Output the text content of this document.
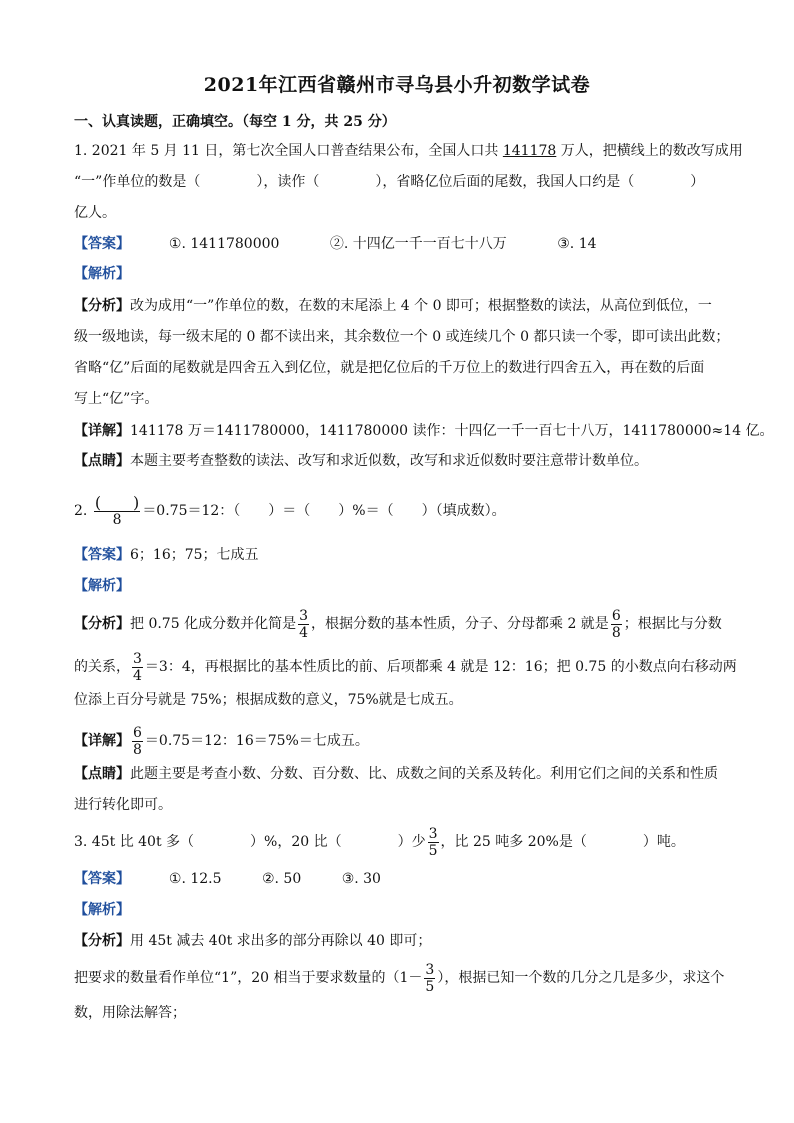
2021年江西省赣州市寻乌县小升初数学试卷
一、认真读题，正确填空。（每空 1 分，共 25 分）
1. 2021 年 5 月 11 日，第七次全国人口普查结果公布，全国人口共 141178 万人，把横线上的数改写成用
“一”作单位的数是（　　　　），读作（　　　　），省略亿位后面的尾数，我国人口约是（　　　　）
亿人。
【答案】	①. 1411780000	②. 十四亿一千一百七十八万	③. 14
【解析】
【分析】改为成用“一”作单位的数，在数的末尾添上 4 个 0 即可；根据整数的读法，从高位到低位，一
级一级地读，每一级末尾的 0 都不读出来，其余数位一个 0 或连续几个 0 都只读一个零，即可读出此数；
省略“亿”后面的尾数就是四舍五入到亿位，就是把亿位后的千万位上的数进行四舍五入，再在数的后面
写上“亿”字。
【详解】141178 万＝1411780000，1411780000 读作：十四亿一千一百七十八万，1411780000≈14 亿。
【点睛】本题主要考查整数的读法、改写和求近似数，改写和求近似数时要注意带计数单位。
2. $\frac{( )}{8} =0.75=12$：（　　）＝（　　）%＝（　　）（填成数）。
【答案】6；16；75；七成五
【解析】
【分析】把 0.75 化成分数并化简是 $\frac{3}{4}$ ，根据分数的基本性质，分子、分母都乘 2 就是 $\frac{6}{8}$ ；根据比与分数
的关系， $\frac{3}{4} =3$：4，再根据比的基本性质比的前、后项都乘 4 就是 12：16；把 0.75 的小数点向右移动两
位添上百分号就是 75%；根据成数的意义，75%就是七成五。
【详解】 $\frac{6}{8} =0.75=12$：16＝75%＝七成五。
【点睛】此题主要是考查小数、分数、百分数、比、成数之间的关系及转化。利用它们之间的关系和性质
进行转化即可。
3. 45t 比 40t 多（　　　　）%，20 比（　　　　）少 $\frac{3}{5}$ ，比 25 吨多 20%是（　　　　）吨。
【答案】	①. 12.5	②. 50	③. 30
【解析】
【分析】用 45t 减去 40t 求出多的部分再除以 40 即可；
把要求的数量看作单位“1”，20 相当于要求数量的（$1- \frac{3}{5}$ ），根据已知一个数的几分之几是多少，求这个
数，用除法解答；
